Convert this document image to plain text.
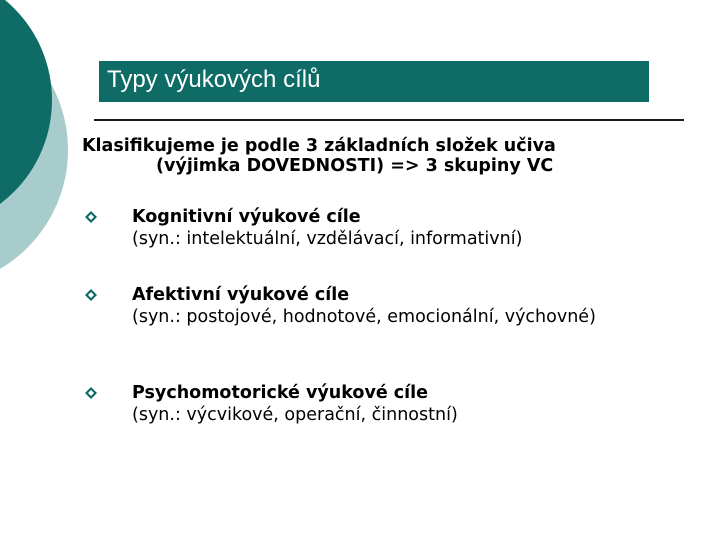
Typy výukových cílů
Klasifikujeme je podle 3 základních složek učiva
(výjimka DOVEDNOSTI) => 3 skupiny VC
Kognitivní výukové cíle
(syn.: intelektuální, vzdělávací, informativní)
Afektivní výukové cíle
(syn.: postojové, hodnotové, emocionální, výchovné)
Psychomotorické výukové cíle
(syn.: výcvikové, operační, činnostní)
